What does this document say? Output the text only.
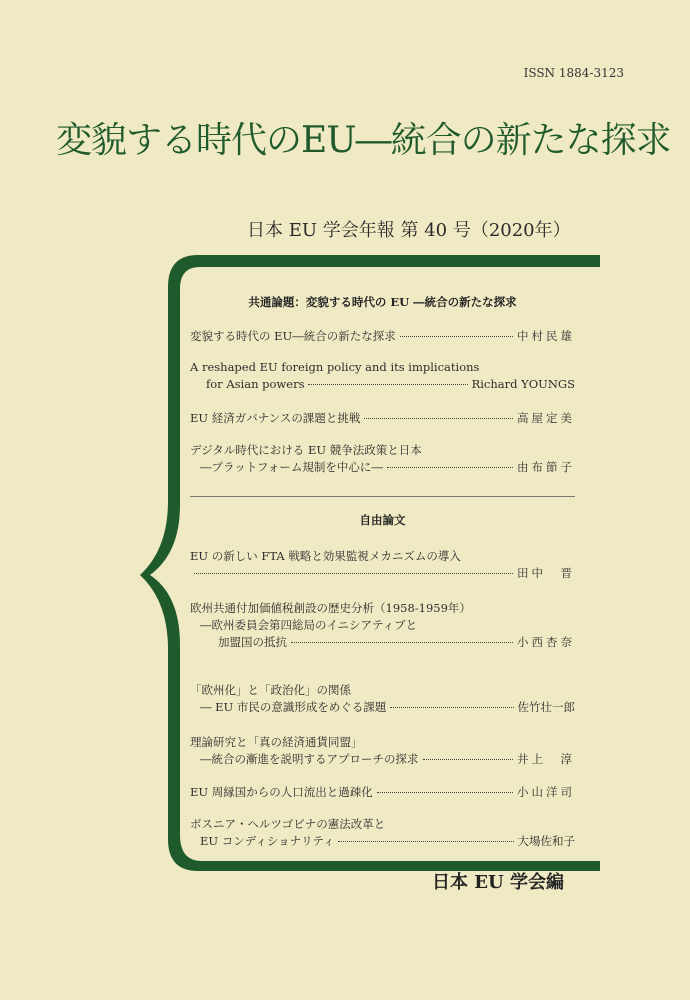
ISSN 1884-3123
変貌する時代のEU―統合の新たな探求
日本 EU 学会年報 第 40 号（2020年）
共通論題：変貌する時代の EU ―統合の新たな探求
変貌する時代の EU―統合の新たな探求	中村民雄
A reshaped EU foreign policy and its implications
for Asian powers	Richard YOUNGS
EU 経済ガバナンスの課題と挑戦	高屋定美
デジタル時代における EU 競争法政策と日本
―プラットフォーム規制を中心に―	由布節子
自由論文
EU の新しい FTA 戦略と効果監視メカニズムの導入
田中　晋
欧州共通付加価値税創設の歴史分析（1958-1959年）
―欧州委員会第四総局のイニシアティブと
加盟国の抵抗	小西杏奈
「欧州化」と「政治化」の関係
― EU 市民の意識形成をめぐる課題	佐竹壮一郎
理論研究と「真の経済通貨同盟」
―統合の漸進を説明するアプローチの探求	井上　淳
EU 周縁国からの人口流出と過疎化	小山洋司
ボスニア・ヘルツゴビナの憲法改革と
EU コンディショナリティ	大場佐和子
日本 EU 学会編
